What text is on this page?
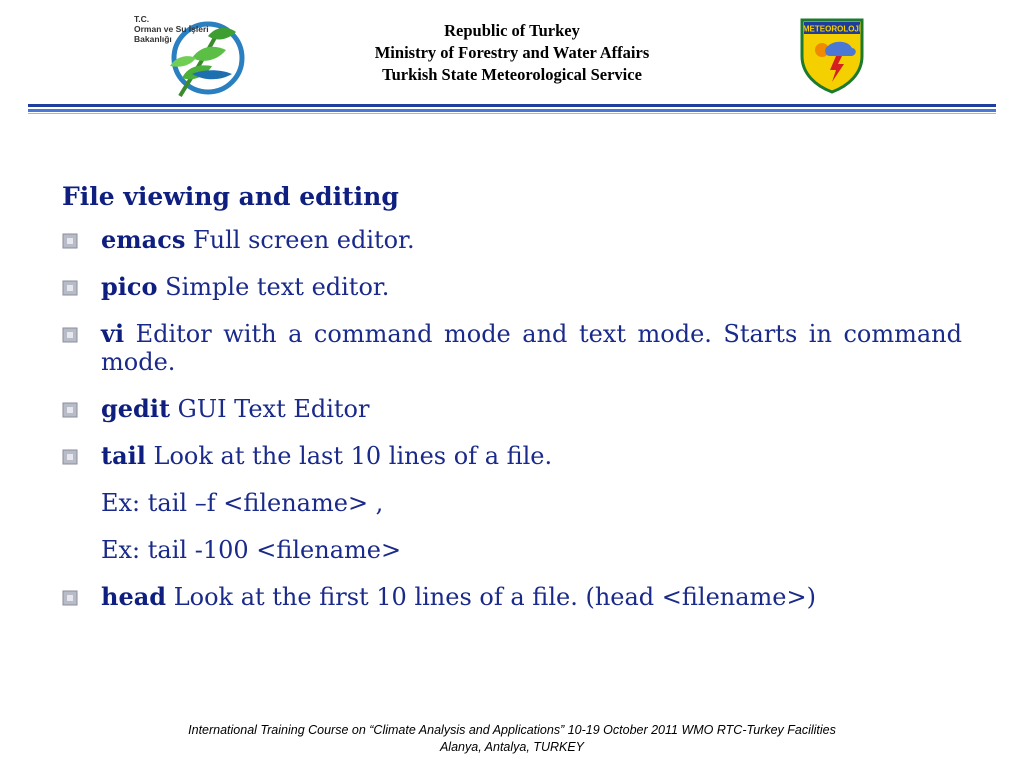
T.C.
Orman ve Su İşleri
Bakanlığı	Republic of Turkey
Ministry of Forestry and Water Affairs
Turkish State Meteorological Service
METEOROLOJİ
File viewing and editing
emacs Full screen editor.
pico Simple text editor.
vi Editor with a command mode and text mode. Starts in command mode.
gedit GUI Text Editor
tail Look at the last 10 lines of a file.
Ex: tail –f <filename> ,
Ex: tail -100 <filename>
head Look at the first 10 lines of a file. (head <filename>)
International Training Course on “Climate Analysis and Applications” 10-19 October 2011 WMO RTC-Turkey Facilities
Alanya, Antalya, TURKEY
